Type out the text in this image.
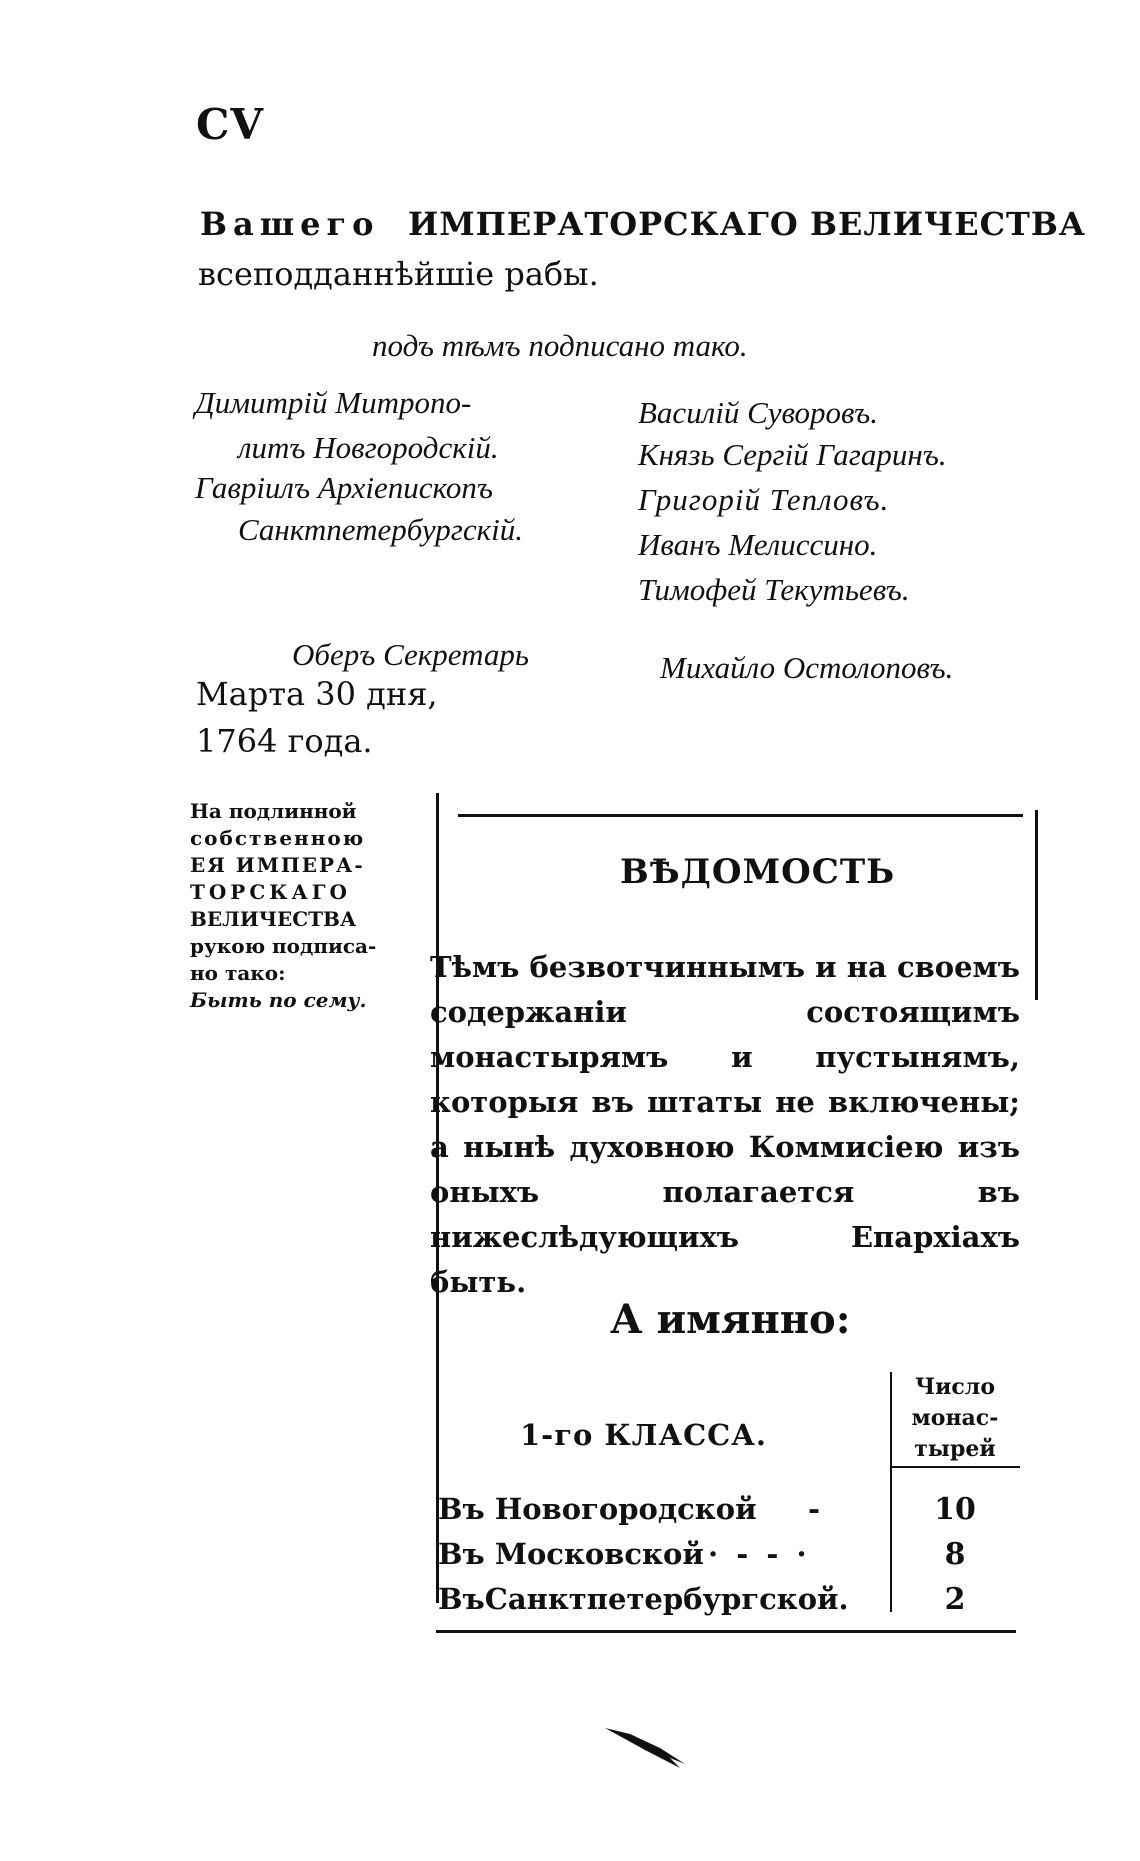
CV
Вашего ИМПЕРАТОРСКАГО ВЕЛИЧЕСТВА
всеподданнѣйшіе рабы.
подъ тѣмъ подписано тако.
Димитрій Митропо-
литъ Новгородскій.
Гавріилъ Архіепископъ
Санктпетербургскій.
Василій Суворовъ.
Князь Сергій Гагаринъ.
Григорій Тепловъ.
Иванъ Мелиссино.
Тимофей Текутьевъ.
Оберъ Секретарь	Михайло Остолоповъ.
Марта 30 дня,
1764 года.
На подлинной
собственною
ЕЯ ИМПЕРА-
ТОРСКАГО
ВЕЛИЧЕСТВА
рукою подписа-
но тако:
Быть по сему.
ВѢДОМОСТЬ
Тѣмъ безвотчиннымъ и на своемъ содержаніи состоящимъ монастырямъ и пустынямъ, которыя въ штаты не включены; а нынѣ духовною Коммисіею изъ оныхъ полагается въ нижеслѣдующихъ Епархіахъ быть.
А имянно:
Число
монас-
тырей
1-го КЛАССА.
Въ Новогородской -	10
Въ Московской · - - ·	8
ВъСанктпетербургской.	2
